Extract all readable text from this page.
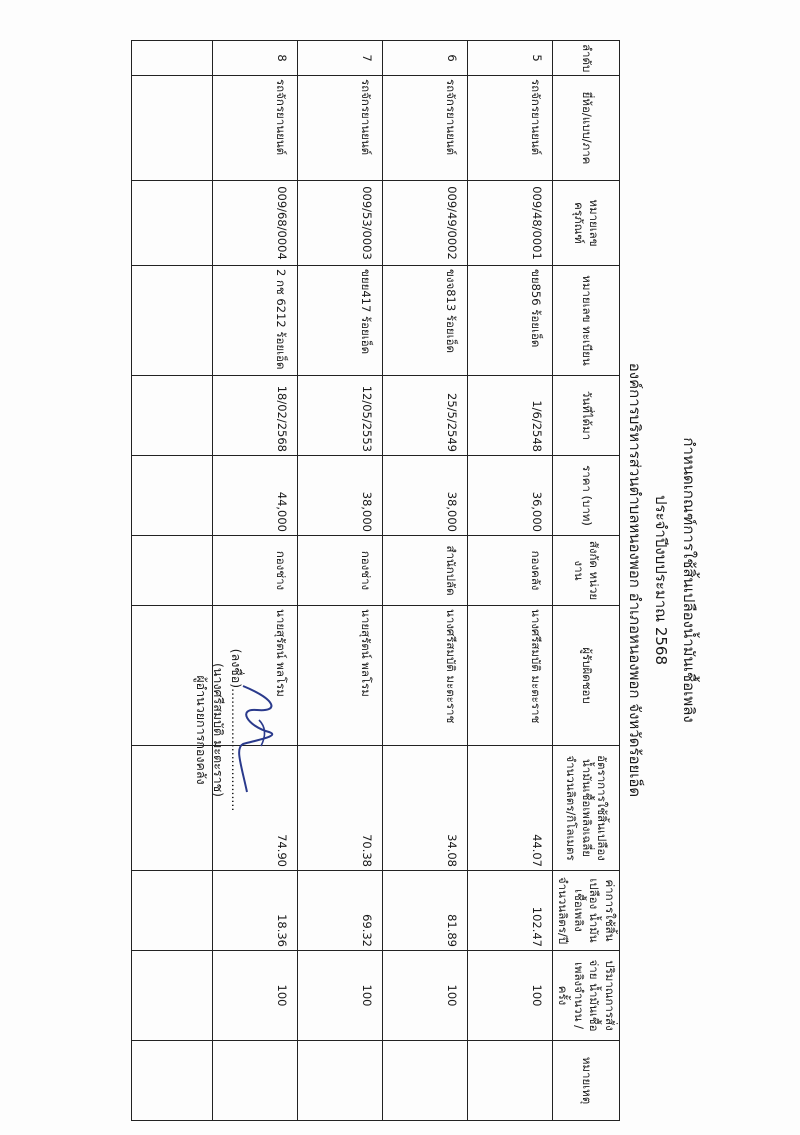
กำหนดเกณฑ์การใช้สิ้นเปลืองน้ำมันเชื้อเพลิง
ประจำปีงบประมาณ 2568
องค์การบริหารส่วนตำบลหนองพอก อำเภอหนองพอก จังหวัดร้อยเอ็ด
ลำดับ	ยี่ห้อ/แบบ/ภาค	หมายเลข ครุภัณฑ์	หมายเลข ทะเบียน	วันที่ได้มา	ราคา (บาท)	สังกัด หน่วยงาน	ผู้รับผิดชอบ	อัตราการใช้สิ้นเปลือง น้ำมันเชื้อเพลิงเฉลี่ย จำนวนลิตร/กิโลเมตร	ค่าการใช้สิ้นเปลือง น้ำมันเชื้อเพลิง จำนวนลิตร/ปี	ปริมาณการสั่งจ่าย น้ำมันเชื้อเพลิงจำนวน /ครั้ง	หมายเหตุ
5	รถจักรยานยนต์	009/48/0001	ขย856 ร้อยเอ็ด	1/6/2548	36,000	กองคลัง	นางศรีสมบัติ มะตะราช	44.07	102.47	100	
6	รถจักรยานยนต์	009/49/0002	ขงจ813 ร้อยเอ็ด	25/5/2549	38,000	สำนักปลัด	นางศรีสมบัติ มะตะราช	34.08	81.89	100	
7	รถจักรยานยนต์	009/53/0003	ขยย417 ร้อยเอ็ด	12/05/2553	38,000	กองช่าง	นายสุรัตน์ พลโรม	70.38	69.32	100	
8	รถจักรยานยนต์	009/68/0004	2 กช 6212 ร้อยเอ็ด	18/02/2568	44,000	กองช่าง	นายสุรัตน์ พลโรม	74.90	18.36	100	

(ลงชื่อ)...............................
(นางศรีสมบัติ มะตะราช)
ผู้อำนวยการกองคลัง
